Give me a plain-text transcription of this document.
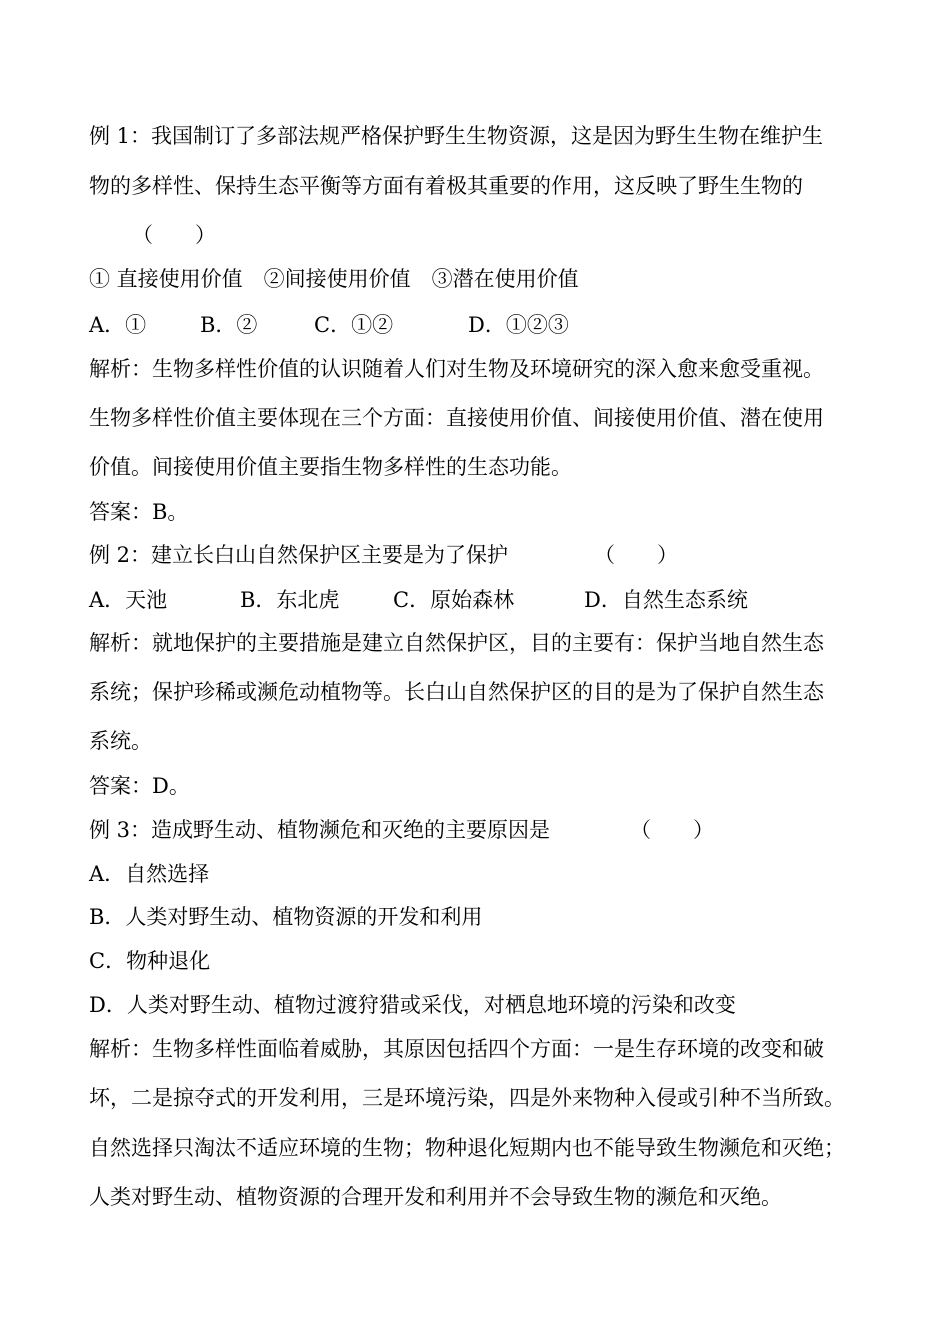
例 1：我国制订了多部法规严格保护野生生物资源，这是因为野生生物在维护生
物的多样性、保持生态平衡等方面有着极其重要的作用，这反映了野生生物的
（　　）
① 直接使用价值　②间接使用价值　③潜在使用价值

A．①

	B．②

	C．①②

	D．①②③

解析：生物多样性价值的认识随着人们对生物及环境研究的深入愈来愈受重视。
生物多样性价值主要体现在三个方面：直接使用价值、间接使用价值、潜在使用
价值。间接使用价值主要指生物多样性的生态功能。
答案：B。
例 2：建立长白山自然保护区主要是为了保护	（　　）

A．天池

	B．东北虎

	C．原始森林

	D．自然生态系统

解析：就地保护的主要措施是建立自然保护区，目的主要有：保护当地自然生态
系统；保护珍稀或濒危动植物等。长白山自然保护区的目的是为了保护自然生态
系统。
答案：D。
例 3：造成野生动、植物濒危和灭绝的主要原因是	（　　）
A．自然选择
B．人类对野生动、植物资源的开发和利用
C．物种退化
D．人类对野生动、植物过渡狩猎或采伐，对栖息地环境的污染和改变
解析：生物多样性面临着威胁，其原因包括四个方面：一是生存环境的改变和破
坏，二是掠夺式的开发利用，三是环境污染，四是外来物种入侵或引种不当所致。
自然选择只淘汰不适应环境的生物；物种退化短期内也不能导致生物濒危和灭绝；
人类对野生动、植物资源的合理开发和利用并不会导致生物的濒危和灭绝。
